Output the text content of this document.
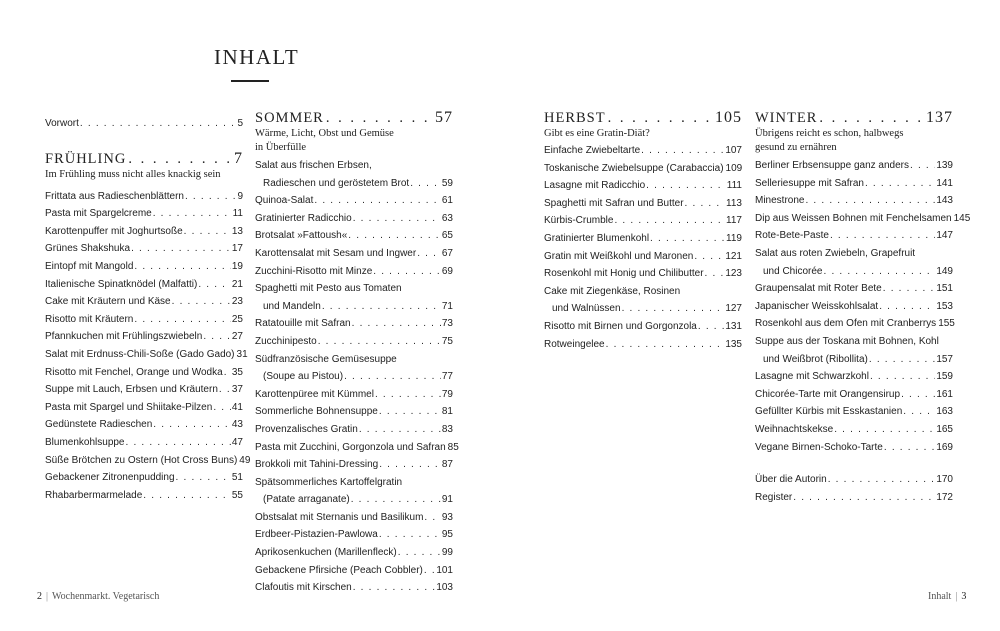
INHALT
Vorwort . . .	5
FRÜHLING . . .	7
Im Frühling muss nicht alles knackig sein
Frittata aus Radieschenblättern . . .	9
Pasta mit Spargelcreme . . .	11
Karottenpuffer mit Joghurtsoße . . .	13
Grünes Shakshuka . . .	17
Eintopf mit Mangold . . .	19
Italienische Spinatknödel (Malfatti) . . .	21
Cake mit Kräutern und Käse . . .	23
Risotto mit Kräutern . . .	25
Pfannkuchen mit Frühlingszwiebeln . . .	27
Salat mit Erdnuss-Chili-Soße (Gado Gado) 31
Risotto mit Fenchel, Orange und Wodka . . . 35
Suppe mit Lauch, Erbsen und Kräutern . . . 37
Pasta mit Spargel und Shiitake-Pilzen . . . 41
Gedünstete Radieschen . . .	43
Blumenkohlsuppe . . .	47
Süße Brötchen zu Ostern (Hot Cross Buns) 49
Gebackener Zitronenpudding . . .	51
Rhabarbermarmelade . . .	55
SOMMER . . .	57
Wärme, Licht, Obst und Gemüse
in Überfülle
Salat aus frischen Erbsen,
Radieschen und geröstetem Brot . . .	59
Quinoa-Salat . . .	61
Gratinierter Radicchio . . .	63
Brotsalat »Fattoush« . . .	65
Karottensalat mit Sesam und Ingwer . . .	67
Zucchini-Risotto mit Minze . . .	69
Spaghetti mit Pesto aus Tomaten
und Mandeln . . .	71
Ratatouille mit Safran . . .	73
Zucchinipesto . . .	75
Südfranzösische Gemüsesuppe
(Soupe au Pistou) . . .	77
Karottenpüree mit Kümmel . . .	79
Sommerliche Bohnensuppe . . .	81
Provenzalisches Gratin . . .	83
Pasta mit Zucchini, Gorgonzola und Safran 85
Brokkoli mit Tahini-Dressing . . .	87
Spätsommerliches Kartoffelgratin
(Patate arraganate) . . .	91
Obstsalat mit Sternanis und Basilikum . . . 93
Erdbeer-Pistazien-Pawlowa . . .	95
Aprikosenkuchen (Marillenfleck) . . .	99
Gebackene Pfirsiche (Peach Cobbler) . . . 101
Clafoutis mit Kirschen . . .	103
HERBST . . .	105
Gibt es eine Gratin-Diät?
Einfache Zwiebeltarte . . .	107
Toskanische Zwiebelsuppe (Carabaccia) 109
Lasagne mit Radicchio . . .	111
Spaghetti mit Safran und Butter . . .	113
Kürbis-Crumble . . .	117
Gratinierter Blumenkohl . . .	119
Gratin mit Weißkohl und Maronen . . .	121
Rosenkohl mit Honig und Chilibutter . . . 123
Cake mit Ziegenkäse, Rosinen
und Walnüssen . . .	127
Risotto mit Birnen und Gorgonzola . . .	131
Rotweingelee . . .	135
WINTER . . .	137
Übrigens reicht es schon, halbwegs
gesund zu ernähren
Berliner Erbsensuppe ganz anders . . .	139
Selleriesuppe mit Safran . . .	141
Minestrone . . .	143
Dip aus Weissen Bohnen mit Fenchelsamen 145
Rote-Bete-Paste . . .	147
Salat aus roten Zwiebeln, Grapefruit
und Chicorée . . .	149
Graupensalat mit Roter Bete . . .	151
Japanischer Weisskohlsalat . . .	153
Rosenkohl aus dem Ofen mit Cranberrys 155
Suppe aus der Toskana mit Bohnen, Kohl
und Weißbrot (Ribollita) . . .	157
Lasagne mit Schwarzkohl . . .	159
Chicorée-Tarte mit Orangensirup . . .	161
Gefüllter Kürbis mit Esskastanien . . .	163
Weihnachtskekse . . .	165
Vegane Birnen-Schoko-Tarte . . .	169
Über die Autorin . . .	170
Register . . .	172
2 | Wochenmarkt. Vegetarisch	Inhalt | 3
